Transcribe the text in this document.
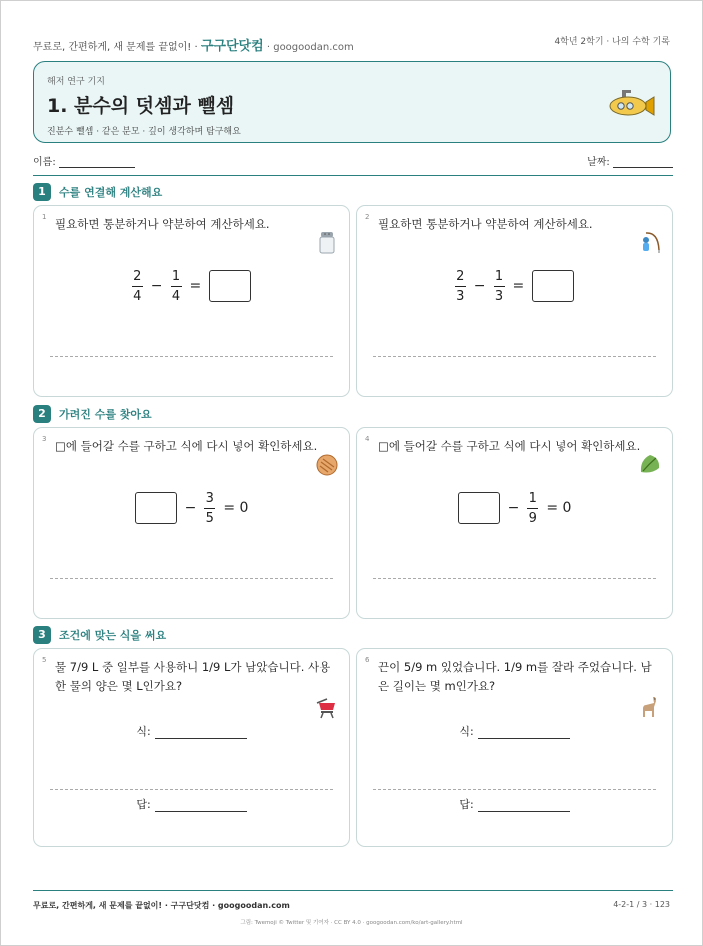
무료로, 간편하게, 새 문제를 끝없이! · 구구단닷컴 · googoodan.com	4학년 2학기 · 나의 수학 기록
해저 연구 기지
1. 분수의 덧셈과 뺄셈
진분수 뺄셈 · 같은 분모 · 깊이 생각하며 탐구해요
이름:	날짜:
1 수를 연결해 계산해요
1 필요하면 통분하거나 약분하여 계산하세요.
$\frac{2}{4} - \frac{1}{4}$ =
2 필요하면 통분하거나 약분하여 계산하세요.
$\frac{2}{3} - \frac{1}{3}$ =
2 가려진 수를 찾아요
3 □에 들어갈 수를 구하고 식에 다시 넣어 확인하세요.
− $\frac{3}{5} = 0$
4 □에 들어갈 수를 구하고 식에 다시 넣어 확인하세요.
− $\frac{1}{9} = 0$
3 조건에 맞는 식을 써요
5 물 7/9 L 중 일부를 사용하니 1/9 L가 남았습니다. 사용한 물의 양은 몇 L인가요?
식:
답:
6 끈이 5/9 m 있었습니다. 1/9 m를 잘라 주었습니다. 남은 길이는 몇 m인가요?
식:
답:
무료로, 간편하게, 새 문제를 끝없이! · 구구단닷컴 · googoodan.com	4-2-1 / 3 · 123
그림: Twemoji © Twitter 및 기여자 · CC BY 4.0 · googoodan.com/ko/art-gallery.html
